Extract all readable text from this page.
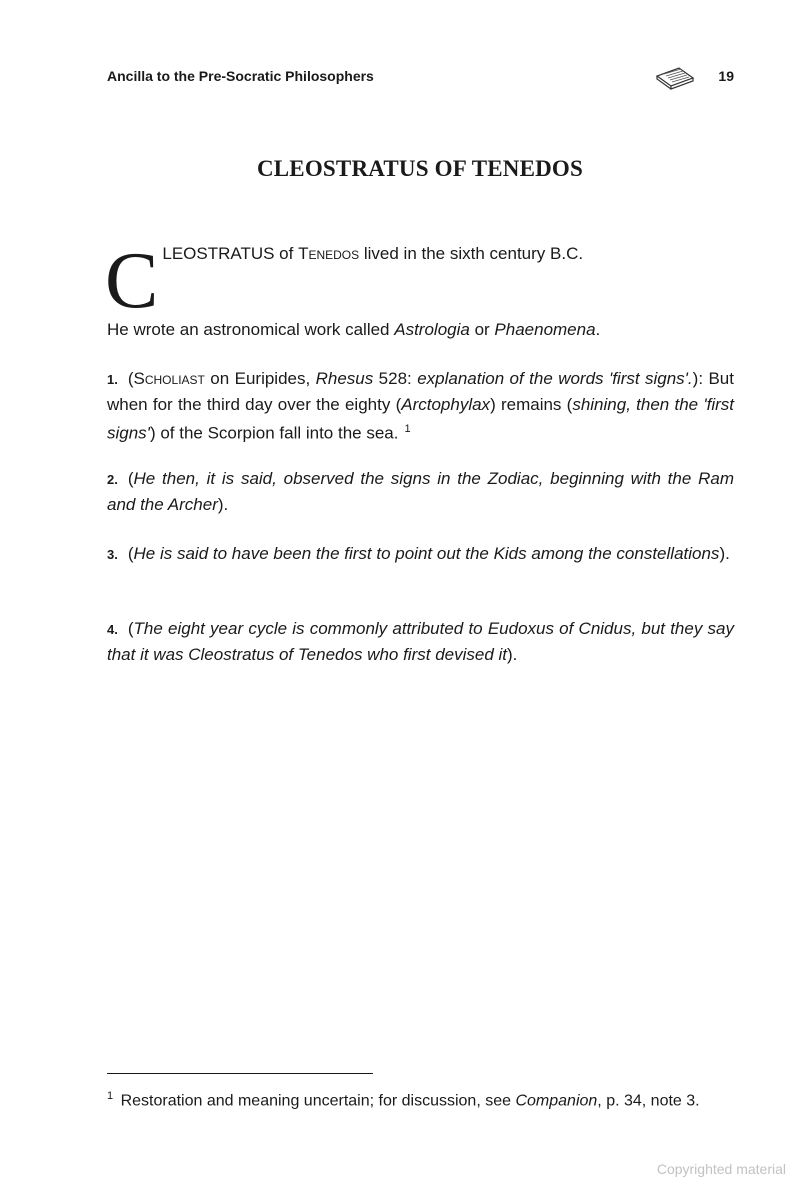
Ancilla to the Pre-Socratic Philosophers	19
CLEOSTRATUS OF TENEDOS
C LEOSTRATUS of Tenedos lived in the sixth century B.C.
He wrote an astronomical work called Astrologia or Phaenomena.
1. (Scholiast on Euripides, Rhesus 528: explanation of the words 'first signs'.): But when for the third day over the eighty (Arctophylax) remains (shining, then the 'first signs') of the Scorpion fall into the sea. $^1$
2. (He then, it is said, observed the signs in the Zodiac, beginning with the Ram and the Archer).
3. (He is said to have been the first to point out the Kids among the constellations).
4. (The eight year cycle is commonly attributed to Eudoxus of Cnidus, but they say that it was Cleostratus of Tenedos who first devised it).
$^1$ Restoration and meaning uncertain; for discussion, see Companion, p. 34, note 3.
Copyrighted material
